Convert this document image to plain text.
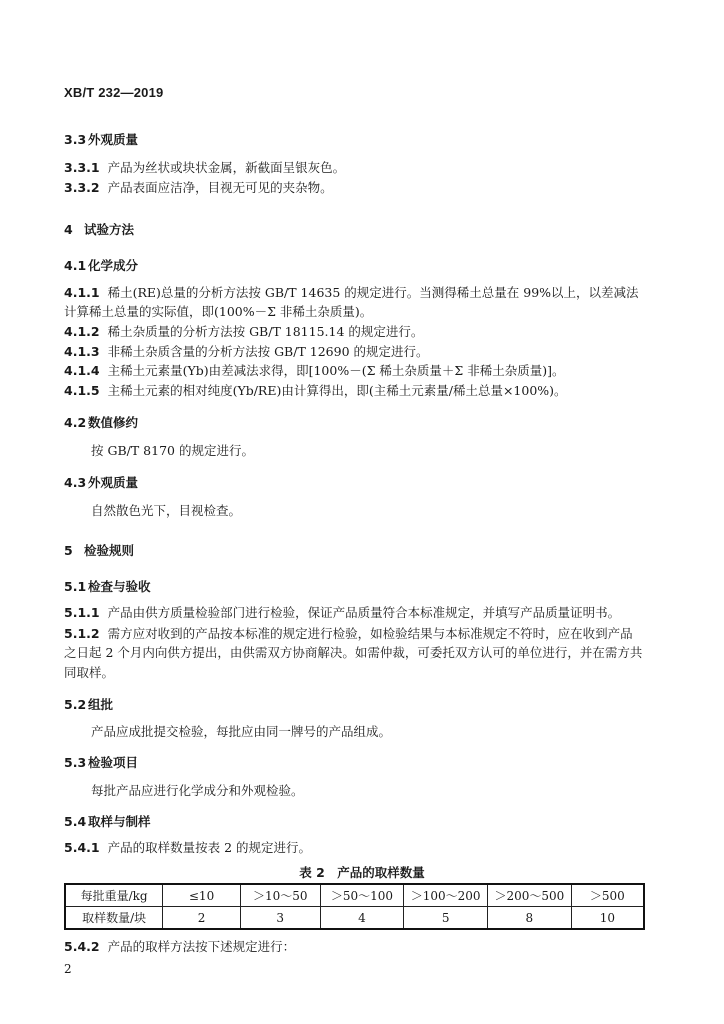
XB/T 232—2019
3.3 外观质量
3.3.1 产品为丝状或块状金属，新截面呈银灰色。
3.3.2 产品表面应洁净，目视无可见的夹杂物。
4 试验方法
4.1 化学成分
4.1.1 稀土(RE)总量的分析方法按 GB/T 14635 的规定进行。当测得稀土总量在 99%以上，以差减法
计算稀土总量的实际值，即(100%－Σ 非稀土杂质量)。
4.1.2 稀土杂质量的分析方法按 GB/T 18115.14 的规定进行。
4.1.3 非稀土杂质含量的分析方法按 GB/T 12690 的规定进行。
4.1.4 主稀土元素量(Yb)由差减法求得，即[100%－(Σ 稀土杂质量＋Σ 非稀土杂质量)]。
4.1.5 主稀土元素的相对纯度(Yb/RE)由计算得出，即(主稀土元素量/稀土总量×100%)。
4.2 数值修约
按 GB/T 8170 的规定进行。
4.3 外观质量
自然散色光下，目视检查。
5 检验规则
5.1 检查与验收
5.1.1 产品由供方质量检验部门进行检验，保证产品质量符合本标准规定，并填写产品质量证明书。
5.1.2 需方应对收到的产品按本标准的规定进行检验，如检验结果与本标准规定不符时，应在收到产品
之日起 2 个月内向供方提出，由供需双方协商解决。如需仲裁，可委托双方认可的单位进行，并在需方共
同取样。
5.2 组批
产品应成批提交检验，每批应由同一牌号的产品组成。
5.3 检验项目
每批产品应进行化学成分和外观检验。
5.4 取样与制样
5.4.1 产品的取样数量按表 2 的规定进行。
表 2　产品的取样数量
每批重量/kg	≤10	＞10～50	＞50～100	＞100～200	＞200～500	＞500
取样数量/块	2	3	4	5	8	10
5.4.2 产品的取样方法按下述规定进行：
2
